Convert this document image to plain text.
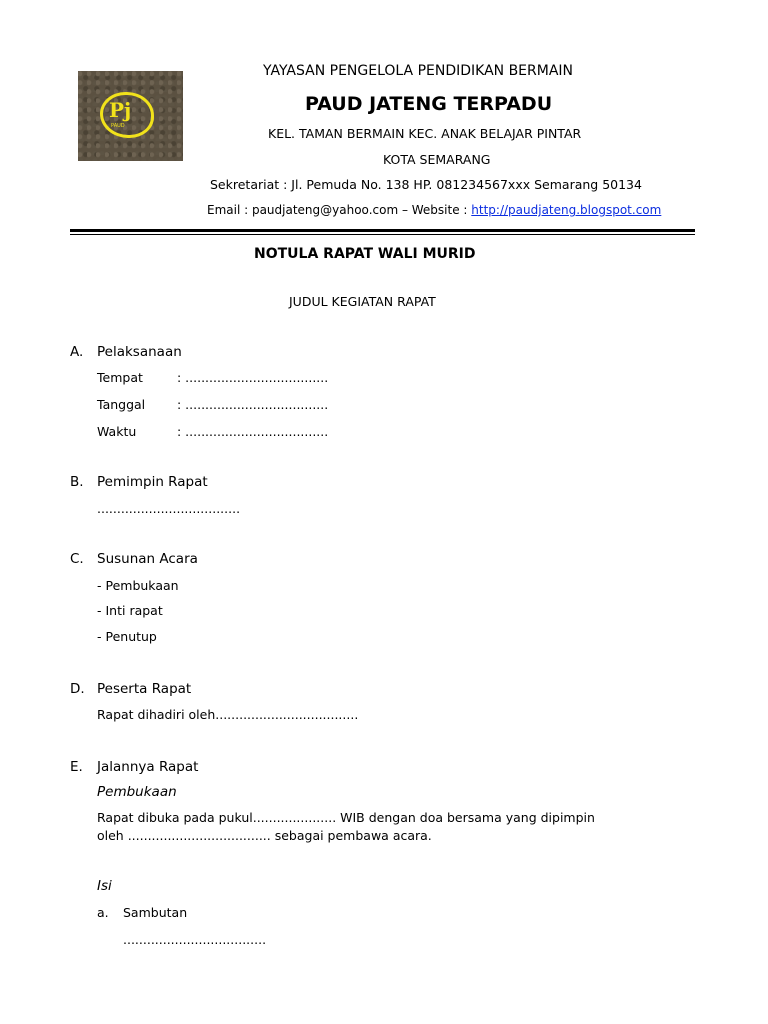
Pj
PAUD
YAYASAN PENGELOLA PENDIDIKAN BERMAIN
PAUD JATENG TERPADU
KEL. TAMAN BERMAIN KEC. ANAK BELAJAR PINTAR
KOTA SEMARANG
Sekretariat : Jl. Pemuda No. 138 HP. 081234567xxx Semarang 50134
Email : paudjateng@yahoo.com – Website : http://paudjateng.blogspot.com
NOTULA RAPAT WALI MURID
JUDUL KEGIATAN RAPAT
A. Pelaksanaan
Tempat	: ....................................
Tanggal	: ....................................
Waktu	: ....................................
B. Pemimpin Rapat
....................................
C. Susunan Acara
- Pembukaan
- Inti rapat
- Penutup
D. Peserta Rapat
Rapat dihadiri oleh....................................
E. Jalannya Rapat
Pembukaan
Rapat dibuka pada pukul..................... WIB dengan doa bersama yang dipimpin
oleh .................................... sebagai pembawa acara.
Isi
a. Sambutan
....................................
